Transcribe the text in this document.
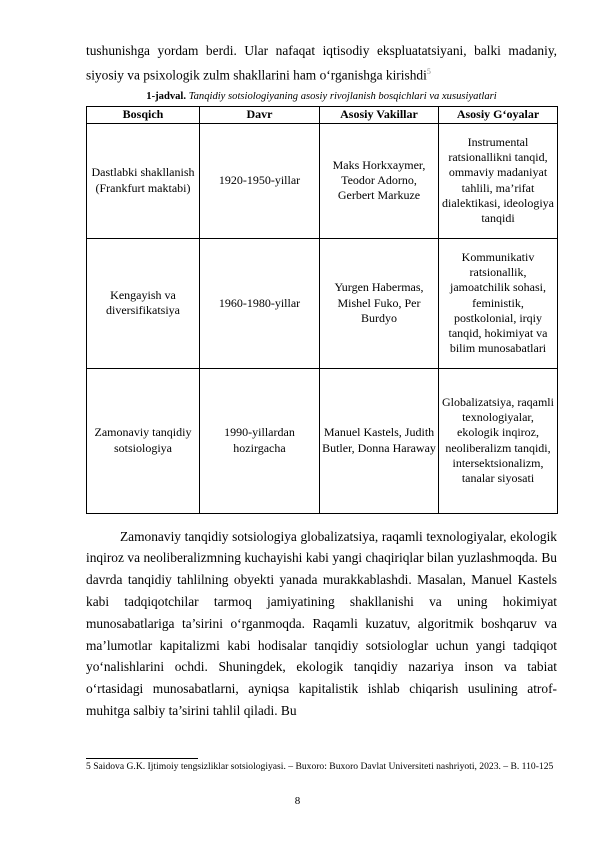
tushunishga yordam berdi. Ular nafaqat iqtisodiy ekspluatatsiyani, balki madaniy, siyosiy va psixologik zulm shakllarini ham o‘rganishga kirishdi$^5$

1-jadval. Tanqidiy sotsiologiyaning asosiy rivojlanish bosqichlari va xususiyatlari
Bosqich	Davr	Asosiy Vakillar	Asosiy G‘oyalar
Dastlabki shakllanish (Frankfurt maktabi)	1920-1950-yillar	Maks Horkxaymer, Teodor Adorno, Gerbert Markuze	Instrumental ratsionallikni tanqid, ommaviy madaniyat tahlili, ma’rifat dialektikasi, ideologiya tanqidi
Kengayish va diversifikatsiya	1960-1980-yillar	Yurgen Habermas, Mishel Fuko, Per Burdyo	Kommunikativ ratsionallik, jamoatchilik sohasi, feministik, postkolonial, irqiy tanqid, hokimiyat va bilim munosabatlari
Zamonaviy tanqidiy sotsiologiya	1990-yillardan hozirgacha	Manuel Kastels, Judith Butler, Donna Haraway	Globalizatsiya, raqamli texnologiyalar, ekologik inqiroz, neoliberalizm tanqidi, intersektsionalizm, tanalar siyosati

Zamonaviy tanqidiy sotsiologiya globalizatsiya, raqamli texnologiyalar, ekologik inqiroz va neoliberalizmning kuchayishi kabi yangi chaqiriqlar bilan yuzlashmoqda. Bu davrda tanqidiy tahlilning obyekti yanada murakkablashdi. Masalan, Manuel Kastels kabi tadqiqotchilar tarmoq jamiyatining shakllanishi va uning hokimiyat munosabatlariga ta’sirini o‘rganmoqda. Raqamli kuzatuv, algoritmik boshqaruv va ma’lumotlar kapitalizmi kabi hodisalar tanqidiy sotsiologlar uchun yangi tadqiqot yo‘nalishlarini ochdi. Shuningdek, ekologik tanqidiy nazariya inson va tabiat o‘rtasidagi munosabatlarni, ayniqsa kapitalistik ishlab chiqarish usulining atrof-muhitga salbiy ta’sirini tahlil qiladi. Bu

5 Saidova G.K. Ijtimoiy tengsizliklar sotsiologiyasi. – Buxoro: Buxoro Davlat Universiteti nashriyoti, 2023. – B. 110-125
8
